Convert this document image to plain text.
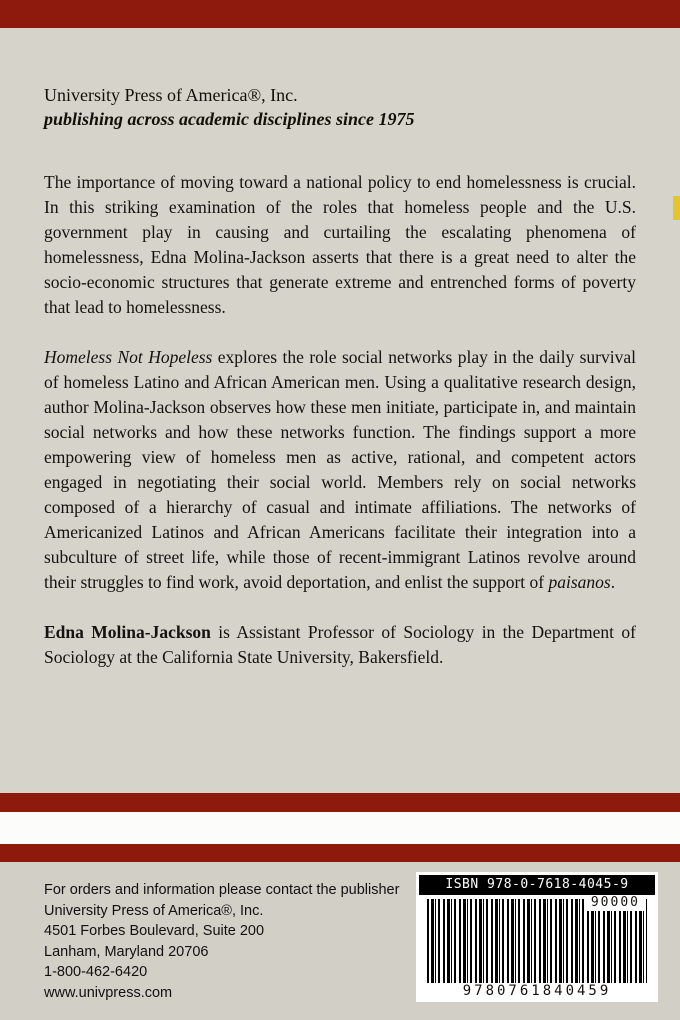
University Press of America®, Inc.
publishing across academic disciplines since 1975

The importance of moving toward a national policy to end homelessness is crucial. In this striking examination of the roles that homeless people and the U.S. government play in causing and curtailing the escalating phenomena of homelessness, Edna Molina-Jackson asserts that there is a great need to alter the socio-economic structures that generate extreme and entrenched forms of poverty that lead to homelessness.

Homeless Not Hopeless explores the role social networks play in the daily survival of homeless Latino and African American men. Using a qualitative research design, author Molina-Jackson observes how these men initiate, participate in, and maintain social networks and how these networks function. The findings support a more empowering view of homeless men as active, rational, and competent actors engaged in negotiating their social world. Members rely on social networks composed of a hierarchy of casual and intimate affiliations. The networks of Americanized Latinos and African Americans facilitate their integration into a subculture of street life, while those of recent-immigrant Latinos revolve around their struggles to find work, avoid deportation, and enlist the support of paisanos.

Edna Molina-Jackson is Assistant Professor of Sociology in the Department of Sociology at the California State University, Bakersfield.

For orders and information please contact the publisher
University Press of America®, Inc.
4501 Forbes Boulevard, Suite 200
Lanham, Maryland 20706
1-800-462-6420
www.univpress.com
ISBN 978-0-7618-4045-9
90000
9780761840459
